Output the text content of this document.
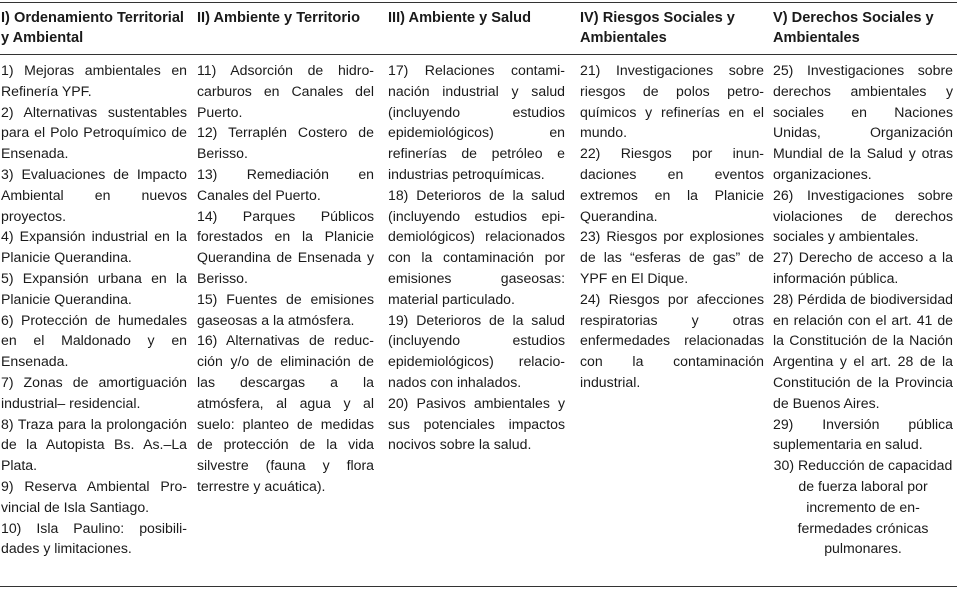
I) Ordenamiento Territorial y Ambiental
1) Mejoras ambientales en Refinería YPF.
2) Alternativas sustentables para el Polo Petroquímico de Ensenada.
3) Evaluaciones de Impacto Ambiental en nuevos proyectos.
4) Expansión industrial en la Planicie Querandina.
5) Expansión urbana en la Planicie Querandina.
6) Protección de humedales en el Maldonado y en Ensenada.
7) Zonas de amortiguación industrial– residencial.
8) Traza para la prolongación de la Autopista Bs. As.–La Plata.
9) Reserva Ambiental Provincial de Isla Santiago.
10) Isla Paulino: posibilidades y limitaciones.
II) Ambiente y Territorio
11) Adsorción de hidrocarburos en Canales del Puerto.
12) Terraplén Costero de Berisso.
13) Remediación en Canales del Puerto.
14) Parques Públicos forestados en la Planicie Querandina de Ensenada y Berisso.
15) Fuentes de emisiones gaseosas a la atmósfera.
16) Alternativas de reducción y/o de eliminación de las descargas a la atmósfera, al agua y al suelo: planteo de medidas de protección de la vida silvestre (fauna y flora terrestre y acuática).
III) Ambiente y Salud
17) Relaciones contaminación industrial y salud (incluyendo estudios epidemiológicos) en refinerías de petróleo e industrias petroquímicas.
18) Deterioros de la salud (incluyendo estudios epidemiológicos) relacionados con la contaminación por emisiones gaseosas: material particulado.
19) Deterioros de la salud (incluyendo estudios epidemiológicos) relacionados con inhalados.
20) Pasivos ambientales y sus potenciales impactos nocivos sobre la salud.
IV) Riesgos Sociales y Ambientales
21) Investigaciones sobre riesgos de polos petroquímicos y refinerías en el mundo.
22) Riesgos por inundaciones en eventos extremos en la Planicie Querandina.
23) Riesgos por explosiones de las “esferas de gas” de YPF en El Dique.
24) Riesgos por afecciones respiratorias y otras enfermedades relacionadas con la contaminación industrial.
V) Derechos Sociales y Ambientales
25) Investigaciones sobre derechos ambientales y sociales en Naciones Unidas, Organización Mundial de la Salud y otras organizaciones.
26) Investigaciones sobre violaciones de derechos sociales y ambientales.
27) Derecho de acceso a la información pública.
28) Pérdida de biodiversidad en relación con el art. 41 de la Constitución de la Nación Argentina y el art. 28 de la Constitución de la Provincia de Buenos Aires.
29) Inversión pública suplementaria en salud.
30) Reducción de capacidad de fuerza laboral por incremento de enfermedades crónicas pulmonares.
